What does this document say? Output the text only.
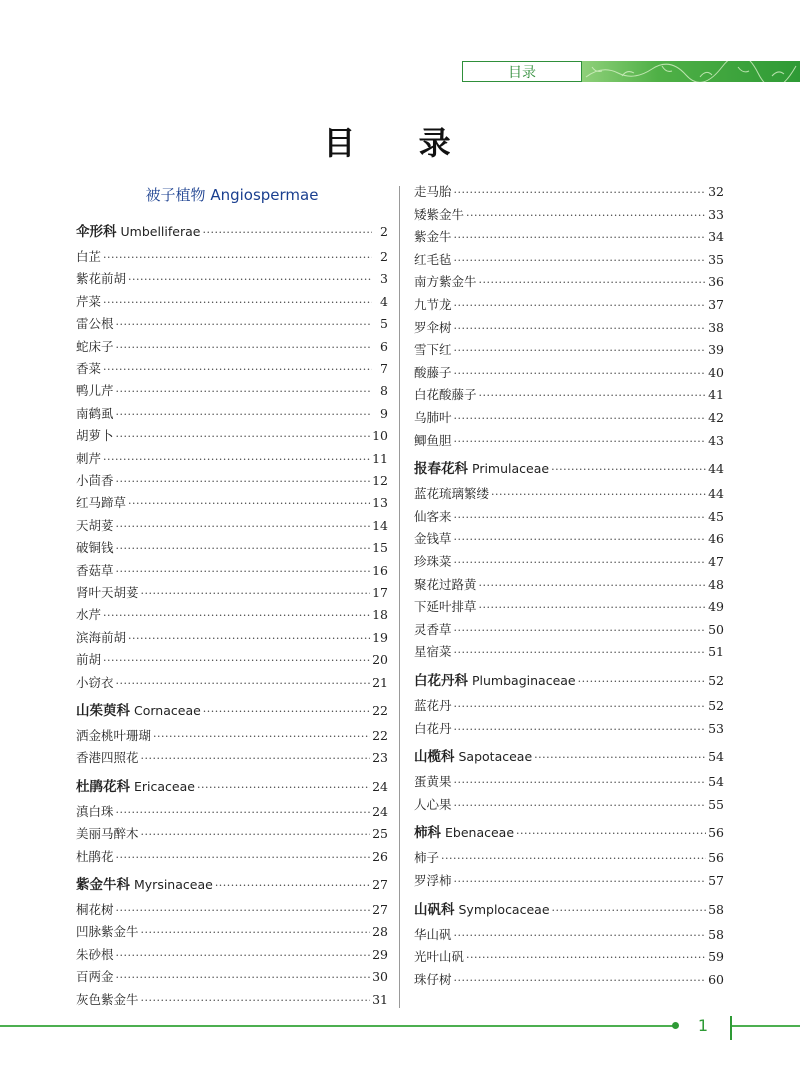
目录
目 录
被子植物 Angiospermae
伞形科 Umbelliferae ·····	2
白芷 ·····	2
紫花前胡 ·····	3
芹菜 ·····	4
雷公根 ·····	5
蛇床子 ·····	6
香菜 ·····	7
鸭儿芹 ·····	8
南鹤虱 ·····	9
胡萝卜 ·····	10
刺芹 ·····	11
小茴香 ·····	12
红马蹄草 ·····	13
天胡荽 ·····	14
破铜钱 ·····	15
香菇草 ·····	16
肾叶天胡荽 ·····	17
水芹 ·····	18
滨海前胡 ·····	19
前胡 ·····	20
小窃衣 ·····	21
山茱萸科 Cornaceae ·····	22
洒金桃叶珊瑚 ·····	22
香港四照花 ·····	23
杜鹃花科 Ericaceae ·····	24
滇白珠 ·····	24
美丽马醉木 ·····	25
杜鹃花 ·····	26
紫金牛科 Myrsinaceae ·····	27
桐花树 ·····	27
凹脉紫金牛 ·····	28
朱砂根 ·····	29
百两金 ·····	30
灰色紫金牛 ·····	31
走马胎 ·····	32
矮紫金牛 ·····	33
紫金牛 ·····	34
红毛毡 ·····	35
南方紫金牛 ·····	36
九节龙 ·····	37
罗伞树 ·····	38
雪下红 ·····	39
酸藤子 ·····	40
白花酸藤子 ·····	41
乌肺叶 ·····	42
鲫鱼胆 ·····	43
报春花科 Primulaceae ·····	44
蓝花琉璃繁缕 ·····	44
仙客来 ·····	45
金钱草 ·····	46
珍珠菜 ·····	47
聚花过路黄 ·····	48
下延叶排草 ·····	49
灵香草 ·····	50
星宿菜 ·····	51
白花丹科 Plumbaginaceae ·····	52
蓝花丹 ·····	52
白花丹 ·····	53
山榄科 Sapotaceae ·····	54
蛋黄果 ·····	54
人心果 ·····	55
柿科 Ebenaceae ·····	56
柿子 ·····	56
罗浮柿 ·····	57
山矾科 Symplocaceae ·····	58
华山矾 ·····	58
光叶山矾 ·····	59
珠仔树 ·····	60
1
